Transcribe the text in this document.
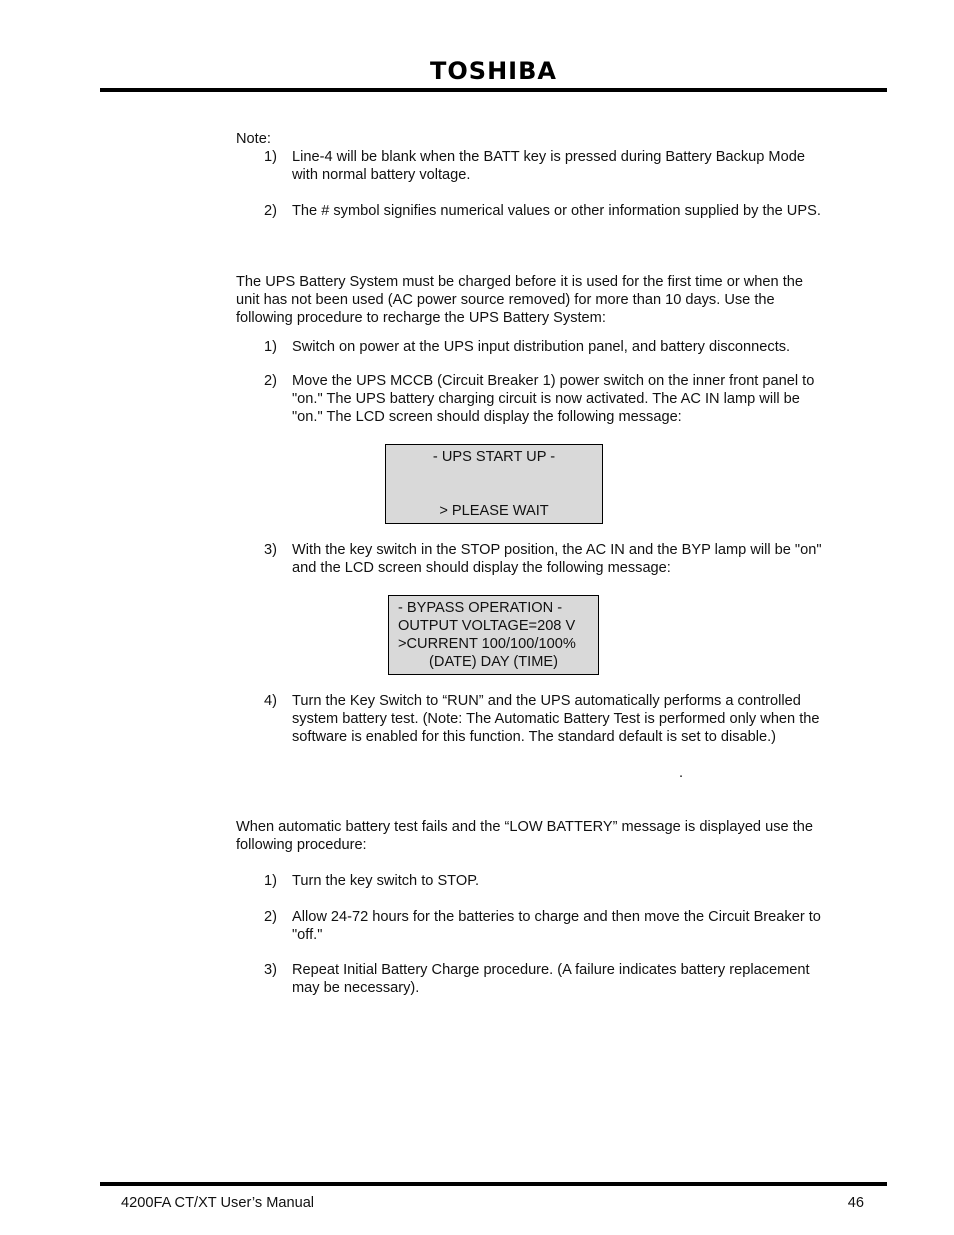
TOSHIBA
Note:
1) Line-4 will be blank when the BATT key is pressed during Battery Backup Mode
with normal battery voltage.
2) The # symbol signifies numerical values or other information supplied by the UPS.
The UPS Battery System must be charged before it is used for the first time or when the
unit has not been used (AC power source removed) for more than 10 days. Use the
following procedure to recharge the UPS Battery System:
1) Switch on power at the UPS input distribution panel, and battery disconnects.
2) Move the UPS MCCB (Circuit Breaker 1) power switch on the inner front panel to
"on." The UPS battery charging circuit is now activated. The AC IN lamp will be
"on." The LCD screen should display the following message:
- UPS START UP -
> PLEASE WAIT
3) With the key switch in the STOP position, the AC IN and the BYP lamp will be "on"
and the LCD screen should display the following message:
- BYPASS OPERATION -
OUTPUT VOLTAGE=208 V
>CURRENT 100/100/100%
(DATE) DAY (TIME)
4) Turn the Key Switch to “RUN” and the UPS automatically performs a controlled
system battery test. (Note: The Automatic Battery Test is performed only when the
software is enabled for this function. The standard default is set to disable.)
.
When automatic battery test fails and the “LOW BATTERY” message is displayed use the
following procedure:
1) Turn the key switch to STOP.
2) Allow 24-72 hours for the batteries to charge and then move the Circuit Breaker to
"off."
3) Repeat Initial Battery Charge procedure. (A failure indicates battery replacement
may be necessary).
4200FA CT/XT User’s Manual	46
